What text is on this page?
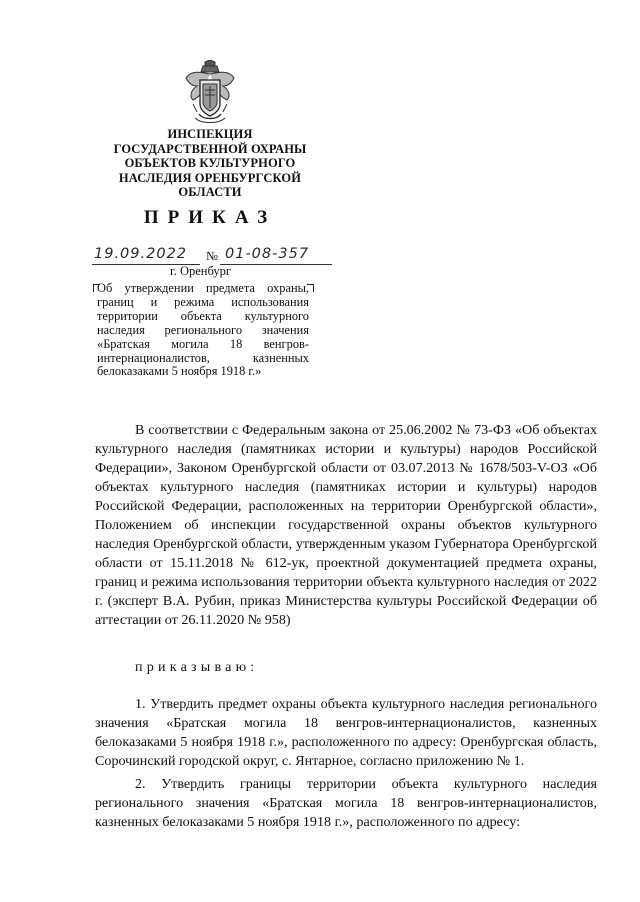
ИНСПЕКЦИЯ
ГОСУДАРСТВЕННОЙ ОХРАНЫ
ОБЪЕКТОВ КУЛЬТУРНОГО
НАСЛЕДИЯ ОРЕНБУРГСКОЙ
ОБЛАСТИ
ПРИКАЗ
19.09.2022 № 01-08-357
г. Оренбург

Об утверждении предмета охраны, границ и режима использования территории объекта культурного наследия регионального значения «Братская могила 18 венгров-интернационалистов, казненных белоказаками 5 ноября 1918 г.»

В соответствии с Федеральным закона от 25.06.2002 № 73-ФЗ «Об объектах культурного наследия (памятниках истории и культуры) народов Российской Федерации», Законом Оренбургской области от 03.07.2013 № 1678/503-V-ОЗ «Об объектах культурного наследия (памятниках истории и культуры) народов Российской Федерации, расположенных на территории Оренбургской области», Положением об инспекции государственной охраны объектов культурного наследия Оренбургской области, утвержденным указом Губернатора Оренбургской области от 15.11.2018 № 612-ук, проектной документацией предмета охраны, границ и режима использования территории объекта культурного наследия от 2022 г. (эксперт В.А. Рубин, приказ Министерства культуры Российской Федерации об аттестации от 26.11.2020 № 958)

приказываю:

1. Утвердить предмет охраны объекта культурного наследия регионального значения «Братская могила 18 венгров-интернационалистов, казненных белоказаками 5 ноября 1918 г.», расположенного по адресу: Оренбургская область, Сорочинский городской округ, с. Янтарное, согласно приложению № 1.

2. Утвердить границы территории объекта культурного наследия регионального значения «Братская могила 18 венгров-интернационалистов, казненных белоказаками 5 ноября 1918 г.», расположенного по адресу:
